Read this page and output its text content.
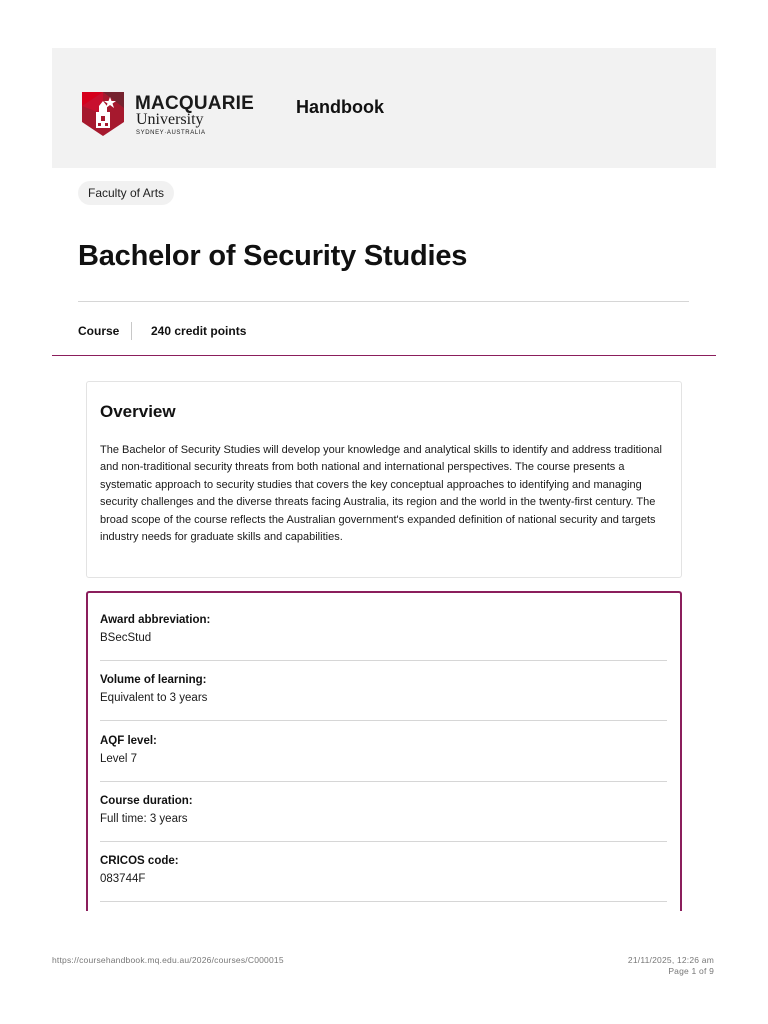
MACQUARIE
University
SYDNEY·AUSTRALIA
Handbook
Faculty of Arts
Bachelor of Security Studies
Course	240 credit points
Overview

The Bachelor of Security Studies will develop your knowledge and analytical skills to identify and address traditional and non-traditional security threats from both national and international perspectives. The course presents a systematic approach to security studies that covers the key conceptual approaches to identifying and managing security challenges and the diverse threats facing Australia, its region and the world in the twenty-first century. The broad scope of the course reflects the Australian government's expanded definition of national security and targets industry needs for graduate skills and capabilities.

Award abbreviation:
BSecStud
Volume of learning:
Equivalent to 3 years
AQF level:
Level 7
Course duration:
Full time: 3 years
CRICOS code:
083744F
https://coursehandbook.mq.edu.au/2026/courses/C000015	21/11/2025, 12:26 am
Page 1 of 9
